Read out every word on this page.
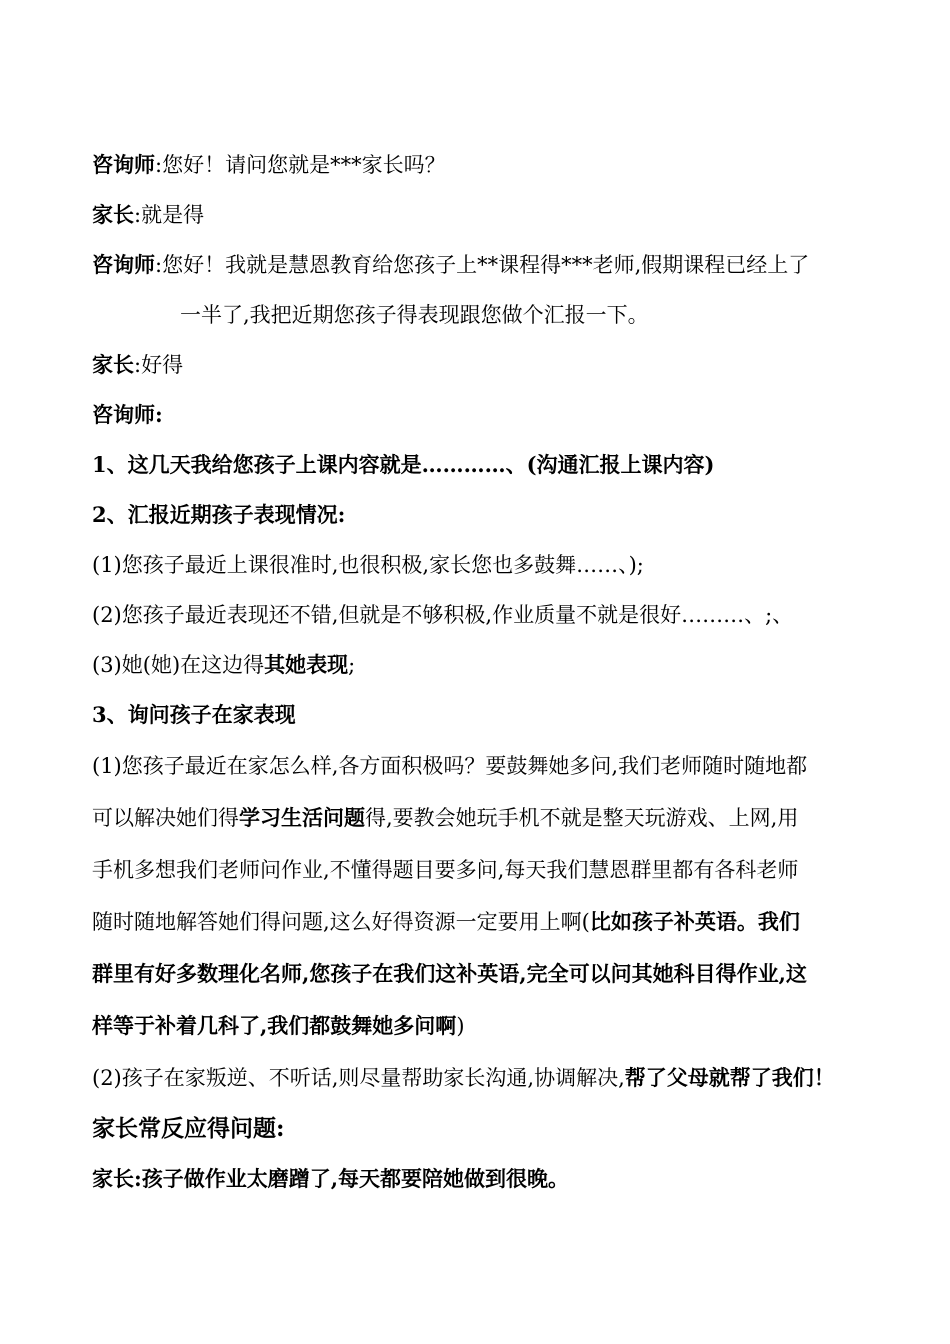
咨询师:您好！请问您就是***家长吗？
家长:就是得
咨询师:您好！我就是慧恩教育给您孩子上**课程得***老师,假期课程已经上了
一半了,我把近期您孩子得表现跟您做个汇报一下。
家长:好得
咨询师:
1、这几天我给您孩子上课内容就是…………、(沟通汇报上课内容)
2、汇报近期孩子表现情况:
(1)您孩子最近上课很准时,也很积极,家长您也多鼓舞……、);
(2)您孩子最近表现还不错,但就是不够积极,作业质量不就是很好………、;、
(3)她(她)在这边得其她表现;
3、询问孩子在家表现
(1)您孩子最近在家怎么样,各方面积极吗？要鼓舞她多问,我们老师随时随地都
可以解决她们得学习生活问题得,要教会她玩手机不就是整天玩游戏、上网,用
手机多想我们老师问作业,不懂得题目要多问,每天我们慧恩群里都有各科老师
随时随地解答她们得问题,这么好得资源一定要用上啊(比如孩子补英语。我们
群里有好多数理化名师,您孩子在我们这补英语,完全可以问其她科目得作业,这
样等于补着几科了,我们都鼓舞她多问啊)
(2)孩子在家叛逆、不听话,则尽量帮助家长沟通,协调解决,帮了父母就帮了我们！
家长常反应得问题:
家长:孩子做作业太磨蹭了,每天都要陪她做到很晚。
